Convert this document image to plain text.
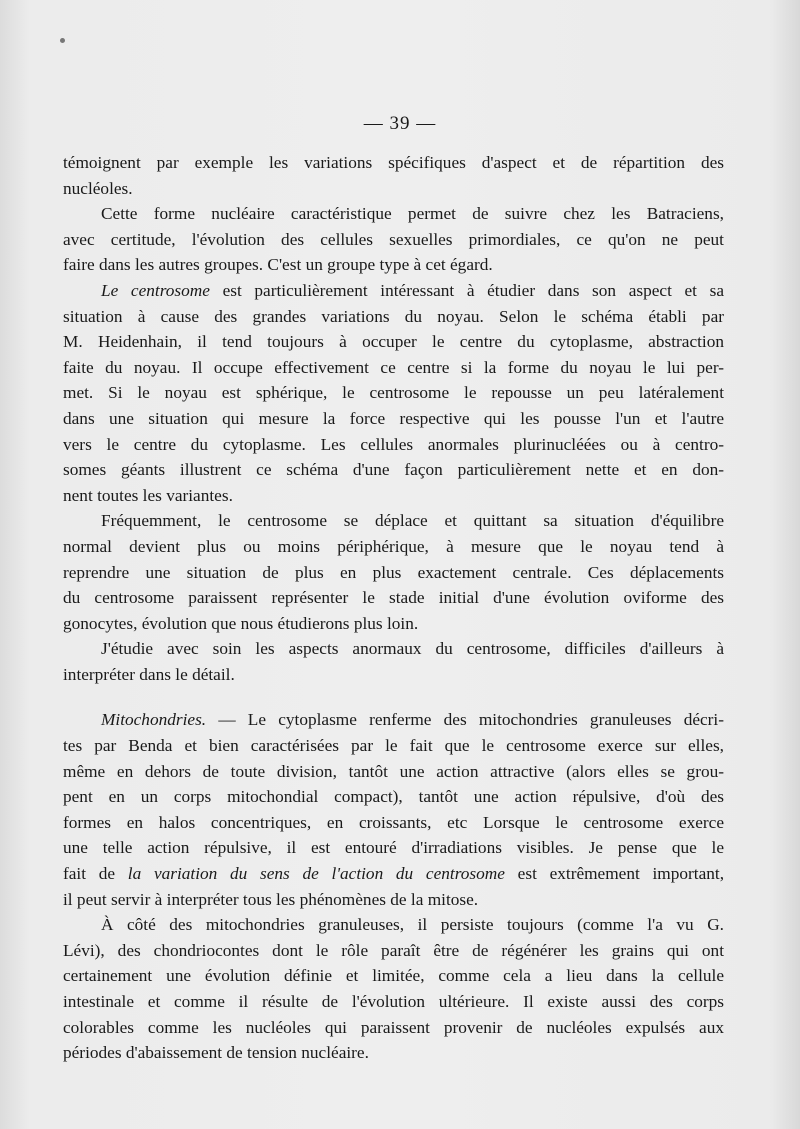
— 39 —
témoignent par exemple les variations spécifiques d'aspect et de répartition des
nucléoles.
Cette forme nucléaire caractéristique permet de suivre chez les Batraciens,
avec certitude, l'évolution des cellules sexuelles primordiales, ce qu'on ne peut
faire dans les autres groupes. C'est un groupe type à cet égard.
Le centrosome est particulièrement intéressant à étudier dans son aspect et sa
situation à cause des grandes variations du noyau. Selon le schéma établi par
M. Heidenhain, il tend toujours à occuper le centre du cytoplasme, abstraction
faite du noyau. Il occupe effectivement ce centre si la forme du noyau le lui per-
met. Si le noyau est sphérique, le centrosome le repousse un peu latéralement
dans une situation qui mesure la force respective qui les pousse l'un et l'autre
vers le centre du cytoplasme. Les cellules anormales plurinucléées ou à centro-
somes géants illustrent ce schéma d'une façon particulièrement nette et en don-
nent toutes les variantes.
Fréquemment, le centrosome se déplace et quittant sa situation d'équilibre
normal devient plus ou moins périphérique, à mesure que le noyau tend à
reprendre une situation de plus en plus exactement centrale. Ces déplacements
du centrosome paraissent représenter le stade initial d'une évolution oviforme des
gonocytes, évolution que nous étudierons plus loin.
J'étudie avec soin les aspects anormaux du centrosome, difficiles d'ailleurs à
interpréter dans le détail.
Mitochondries. — Le cytoplasme renferme des mitochondries granuleuses décri-
tes par Benda et bien caractérisées par le fait que le centrosome exerce sur elles,
même en dehors de toute division, tantôt une action attractive (alors elles se grou-
pent en un corps mitochondial compact), tantôt une action répulsive, d'où des
formes en halos concentriques, en croissants, etc Lorsque le centrosome exerce
une telle action répulsive, il est entouré d'irradiations visibles. Je pense que le
fait de la variation du sens de l'action du centrosome est extrêmement important,
il peut servir à interpréter tous les phénomènes de la mitose.
À côté des mitochondries granuleuses, il persiste toujours (comme l'a vu G.
Lévi), des chondriocontes dont le rôle paraît être de régénérer les grains qui ont
certainement une évolution définie et limitée, comme cela a lieu dans la cellule
intestinale et comme il résulte de l'évolution ultérieure. Il existe aussi des corps
colorables comme les nucléoles qui paraissent provenir de nucléoles expulsés aux
périodes d'abaissement de tension nucléaire.
